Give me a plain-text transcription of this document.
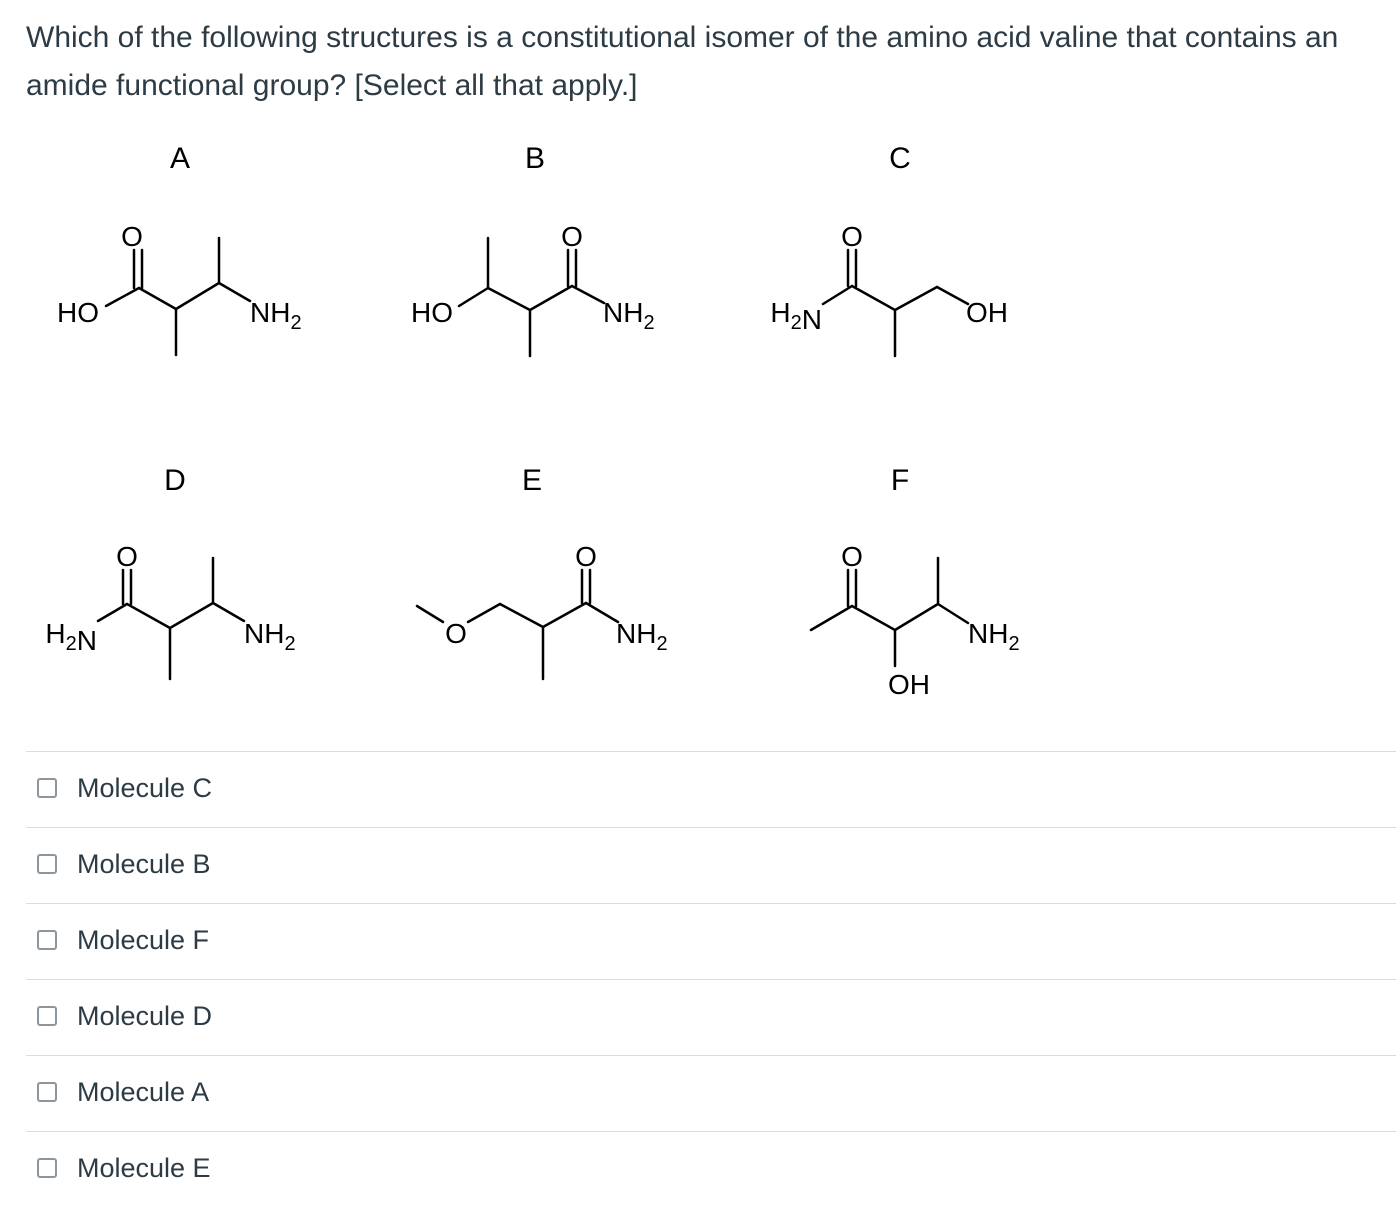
Which of the following structures is a constitutional isomer of the amino acid valine that contains an amide functional group? [Select all that apply.]
A	B	C
D	E	F
O
HO	$NH_2$
O
HO	$NH_2$
O
$H_2N$	OH
O
$H_2N$	$NH_2$
O
O	$NH_2$
O
$NH_2$
OH
Molecule C
Molecule B
Molecule F
Molecule D
Molecule A
Molecule E
